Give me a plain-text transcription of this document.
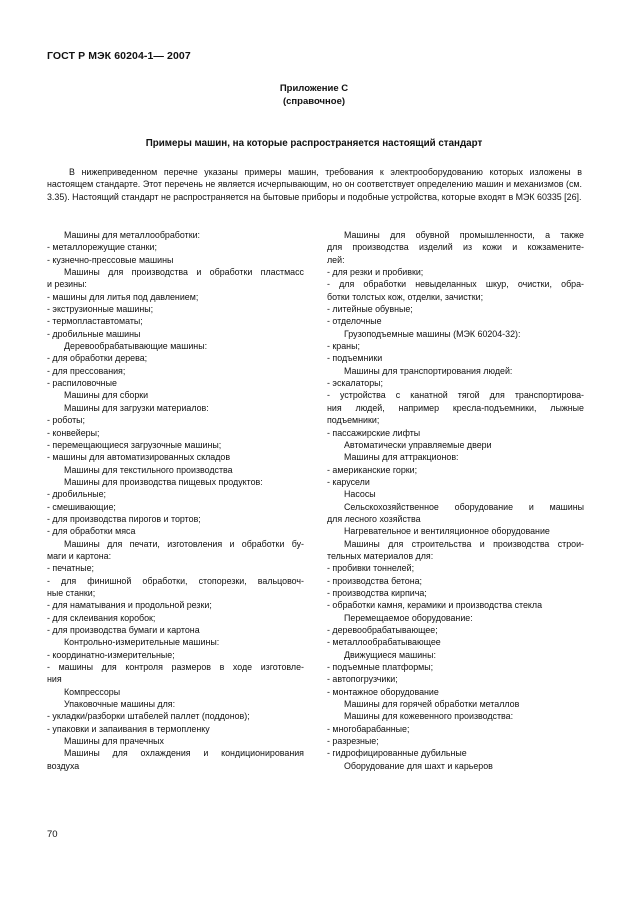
ГОСТ Р МЭК 60204-1— 2007
Приложение С
(справочное)
Примеры машин, на которые распространяется настоящий стандарт
В нижеприведенном перечне указаны примеры машин, требования к электрооборудованию которых изложены в настоящем стандарте. Этот перечень не является исчерпывающим, но он соответствует определению машин и механизмов (см. 3.35). Настоящий стандарт не распространяется на бытовые приборы и подобные устройства, которые входят в МЭК 60335 [26].
Машины для металлообработки:
- металлорежущие станки;
- кузнечно-прессовые машины
Машины для производства и обработки пластмасс
и резины:
- машины для литья под давлением;
- экструзионные машины;
- термопластавтоматы;
- дробильные машины
Деревообрабатывающие машины:
- для обработки дерева;
- для прессования;
- распиловочные
Машины для сборки
Машины для загрузки материалов:
- роботы;
- конвейеры;
- перемещающиеся загрузочные машины;
- машины для автоматизированных складов
Машины для текстильного производства
Машины для производства пищевых продуктов:
- дробильные;
- смешивающие;
- для производства пирогов и тортов;
- для обработки мяса
Машины для печати, изготовления и обработки бу-
маги и картона:
- печатные;
- для финишной обработки, стопорезки, вальцовоч-
ные станки;
- для наматывания и продольной резки;
- для склеивания коробок;
- для производства бумаги и картона
Контрольно-измерительные машины:
- координатно-измерительные;
- машины для контроля размеров в ходе изготовле-
ния
Компрессоры
Упаковочные машины для:
- укладки/разборки штабелей паллет (поддонов);
- упаковки и запаивания в термопленку
Машины для прачечных
Машины для охлаждения и кондиционирования
воздуха
Машины для обувной промышленности, а также
для производства изделий из кожи и кожзамените-
лей:
- для резки и пробивки;
- для обработки невыделанных шкур, очистки, обра-
ботки толстых кож, отделки, зачистки;
- литейные обувные;
- отделочные
Грузоподъемные машины (МЭК 60204-32):
- краны;
- подъемники
Машины для транспортирования людей:
- эскалаторы;
- устройства с канатной тягой для транспортирова-
ния людей, например кресла-подъемники, лыжные
подъемники;
- пассажирские лифты
Автоматически управляемые двери
Машины для аттракционов:
- американские горки;
- карусели
Насосы
Сельскохозяйственное оборудование и машины
для лесного хозяйства
Нагревательное и вентиляционное оборудование
Машины для строительства и производства строи-
тельных материалов для:
- пробивки тоннелей;
- производства бетона;
- производства кирпича;
- обработки камня, керамики и производства стекла
Перемещаемое оборудование:
- деревообрабатывающее;
- металлообрабатывающее
Движущиеся машины:
- подъемные платформы;
- автопогрузчики;
- монтажное оборудование
Машины для горячей обработки металлов
Машины для кожевенного производства:
- многобарабанные;
- разрезные;
- гидрофицированные дубильные
Оборудование для шахт и карьеров
70
